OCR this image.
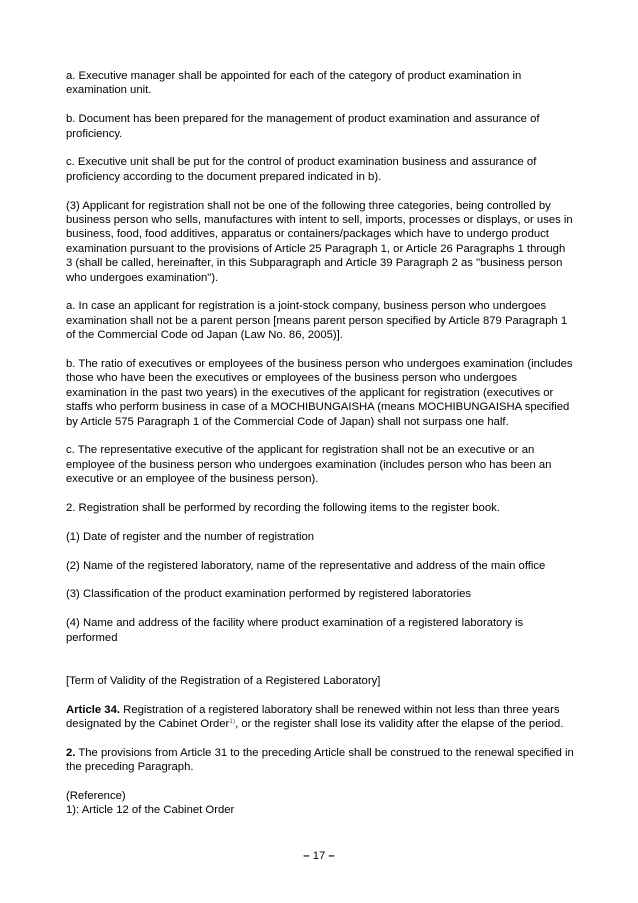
a. Executive manager shall be appointed for each of the category of product examination in examination unit.

b. Document has been prepared for the management of product examination and assurance of proficiency.

c. Executive unit shall be put for the control of product examination business and assurance of proficiency according to the document prepared indicated in b).

(3) Applicant for registration shall not be one of the following three categories, being controlled by business person who sells, manufactures with intent to sell, imports, processes or displays, or uses in business, food, food additives, apparatus or containers/packages which have to undergo product examination pursuant to the provisions of Article 25 Paragraph 1, or Article 26 Paragraphs 1 through 3 (shall be called, hereinafter, in this Subparagraph and Article 39 Paragraph 2 as "business person who undergoes examination").

a. In case an applicant for registration is a joint-stock company, business person who undergoes examination shall not be a parent person [means parent person specified by Article 879 Paragraph 1 of the Commercial Code od Japan (Law No. 86, 2005)].

b. The ratio of executives or employees of the business person who undergoes examination (includes those who have been the executives or employees of the business person who undergoes examination in the past two years) in the executives of the applicant for registration (executives or staffs who perform business in case of a MOCHIBUNGAISHA (means MOCHIBUNGAISHA specified by Article 575 Paragraph 1 of the Commercial Code of Japan) shall not surpass one half.

c. The representative executive of the applicant for registration shall not be an executive or an employee of the business person who undergoes examination (includes person who has been an executive or an employee of the business person).

2. Registration shall be performed by recording the following items to the register book.

(1) Date of register and the number of registration

(2) Name of the registered laboratory, name of the representative and address of the main office

(3) Classification of the product examination performed by registered laboratories

(4) Name and address of the facility where product examination of a registered laboratory is performed

[Term of Validity of the Registration of a Registered Laboratory]

Article 34. Registration of a registered laboratory shall be renewed within not less than three years designated by the Cabinet Order$^{1)}$, or the register shall lose its validity after the elapse of the period.

2. The provisions from Article 31 to the preceding Article shall be construed to the renewal specified in the preceding Paragraph.

(Reference)

1): Article 12 of the Cabinet Order

– 17 –
